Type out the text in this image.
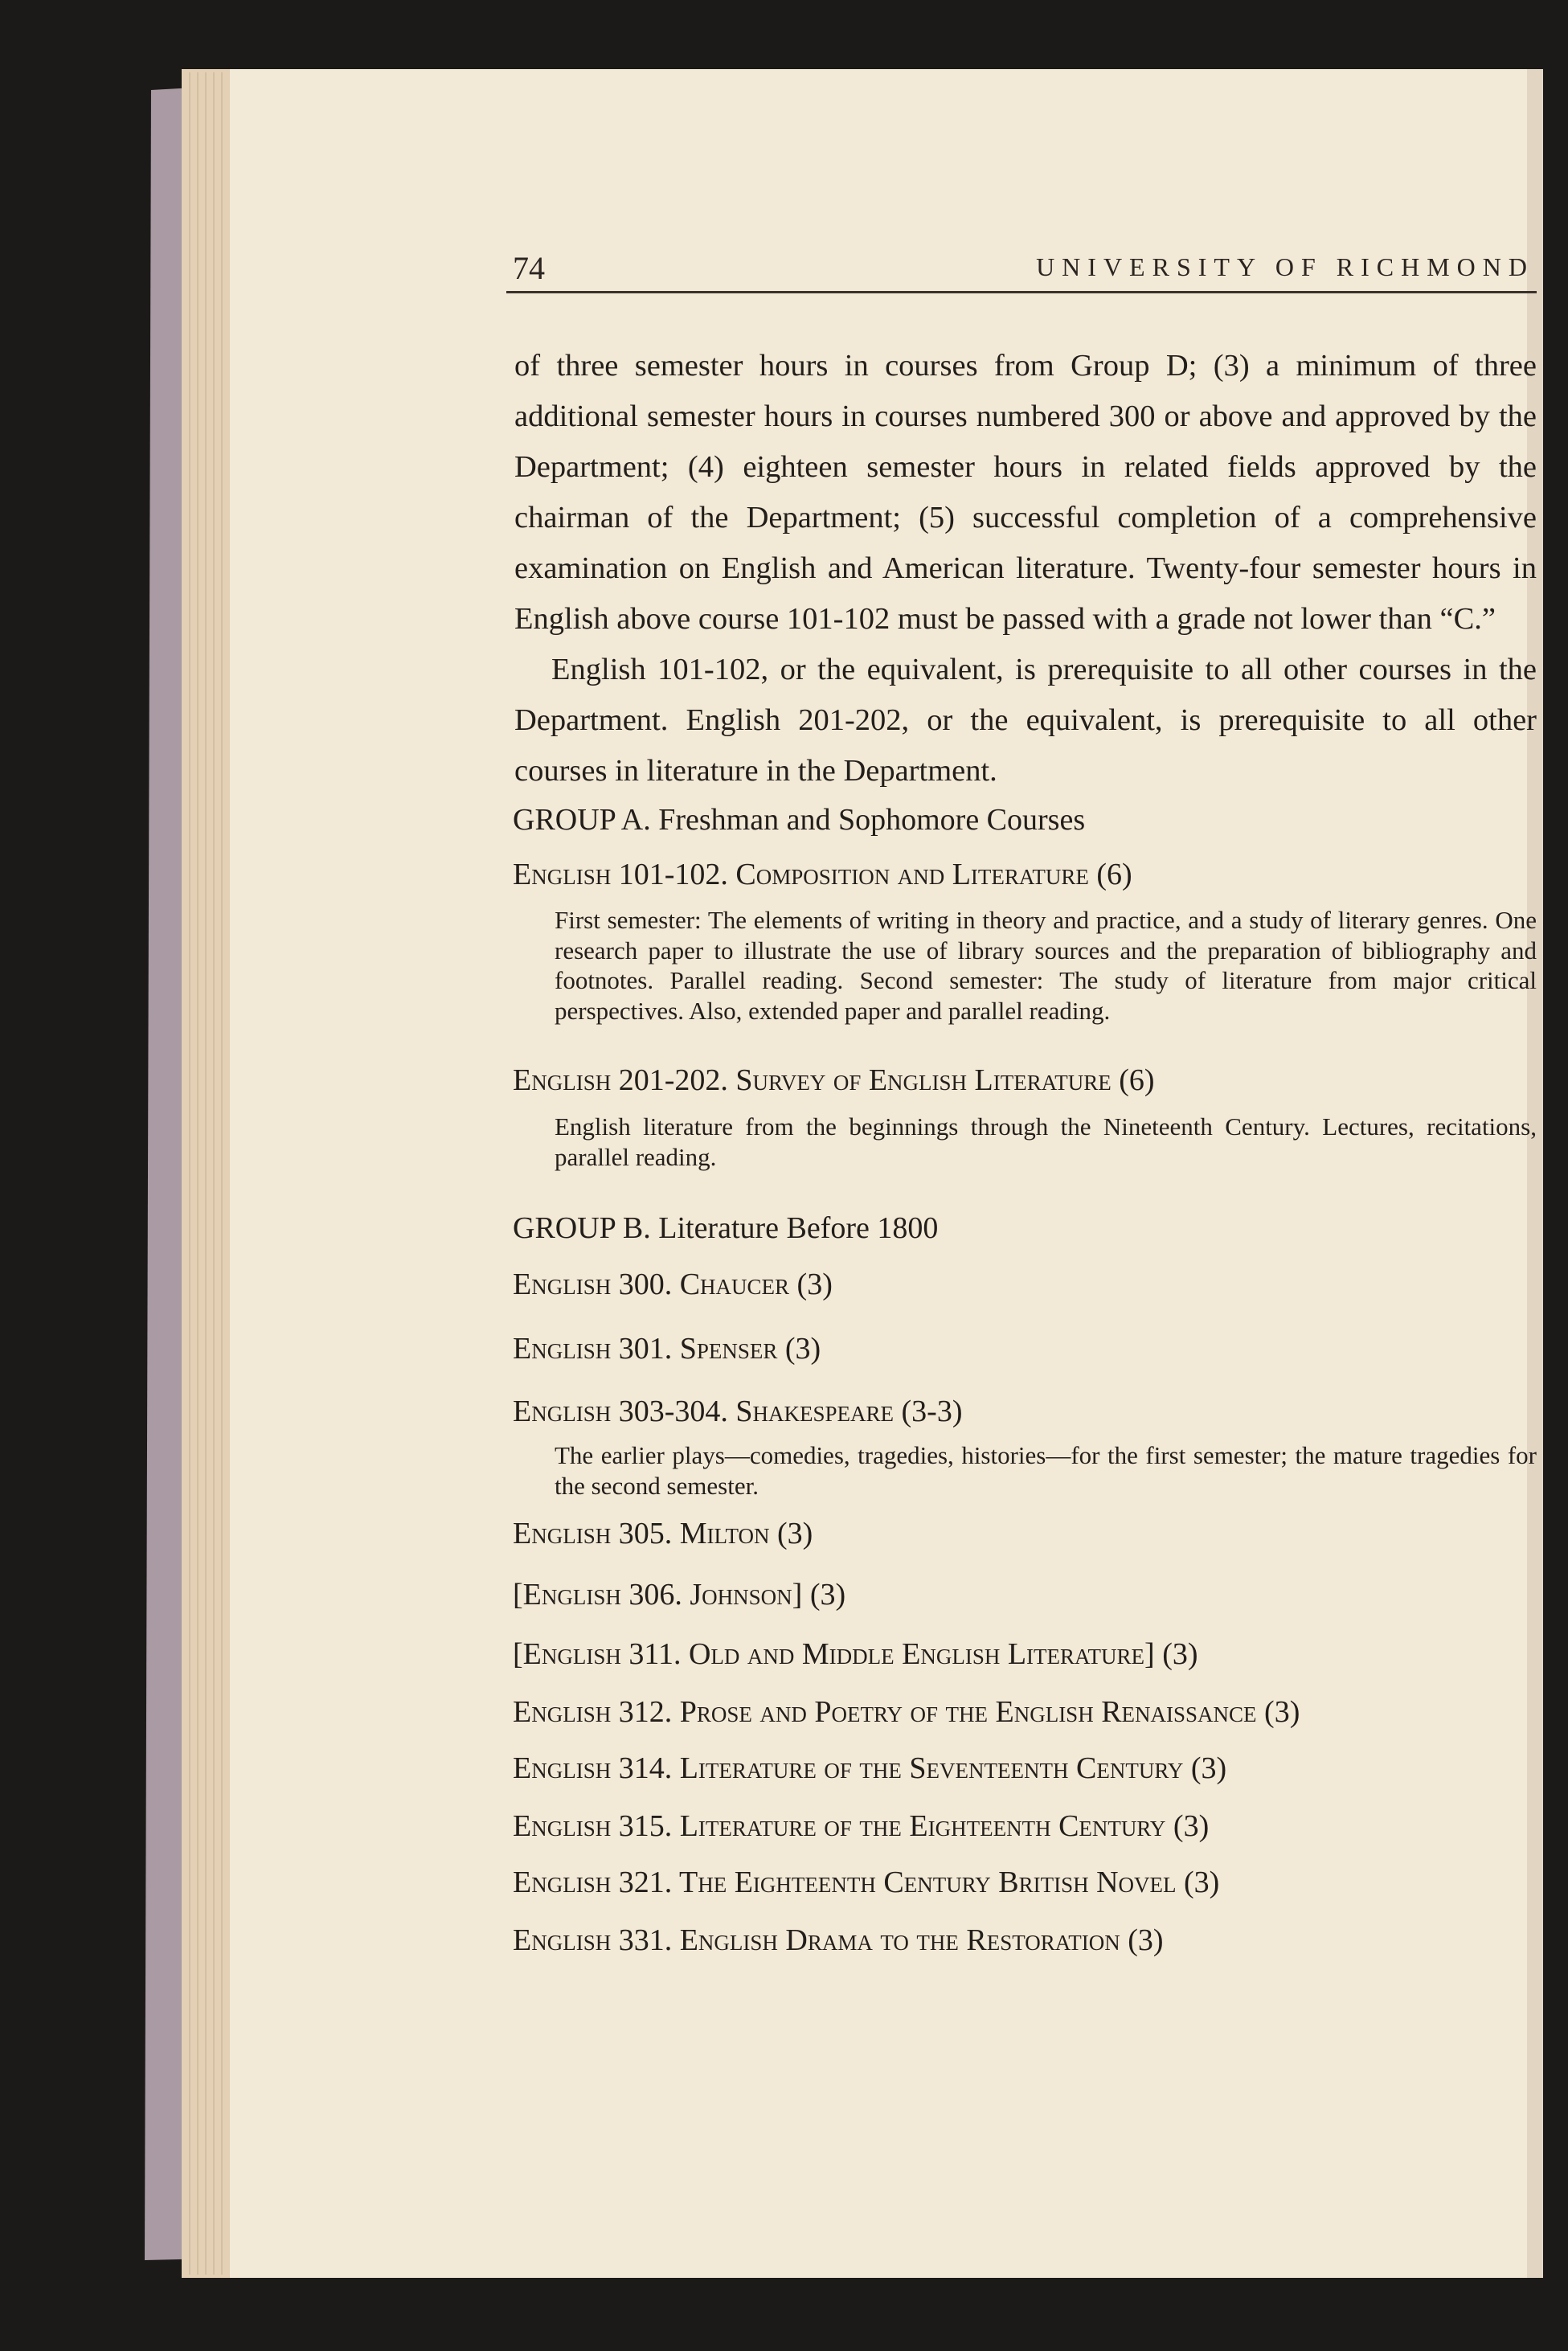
74	UNIVERSITY OF RICHMOND

of three semester hours in courses from Group D; (3) a minimum of three additional semester hours in courses numbered 300 or above and approved by the Department; (4) eighteen semester hours in related fields approved by the chairman of the Department; (5) successful completion of a comprehensive examination on English and American literature. Twenty-four semester hours in English above course 101-102 must be passed with a grade not lower than “C.”

English 101-102, or the equivalent, is prerequisite to all other courses in the Department. English 201-202, or the equivalent, is prerequisite to all other courses in literature in the Department.

GROUP A. Freshman and Sophomore Courses
English 101-102. Composition and Literature (6)

First semester: The elements of writing in theory and practice, and a study of literary genres. One research paper to illustrate the use of library sources and the preparation of bibliography and footnotes. Parallel reading. Second semester: The study of literature from major critical perspectives. Also, extended paper and parallel reading.

English 201-202. Survey of English Literature (6)

English literature from the beginnings through the Nineteenth Century. Lectures, recitations, parallel reading.

GROUP B. Literature Before 1800
English 300. Chaucer (3)
English 301. Spenser (3)
English 303-304. Shakespeare (3-3)

The earlier plays—comedies, tragedies, histories—for the first semester; the mature tragedies for the second semester.

English 305. Milton (3)
[English 306. Johnson] (3)
[English 311. Old and Middle English Literature] (3)
English 312. Prose and Poetry of the English Renaissance (3)
English 314. Literature of the Seventeenth Century (3)
English 315. Literature of the Eighteenth Century (3)
English 321. The Eighteenth Century British Novel (3)
English 331. English Drama to the Restoration (3)
